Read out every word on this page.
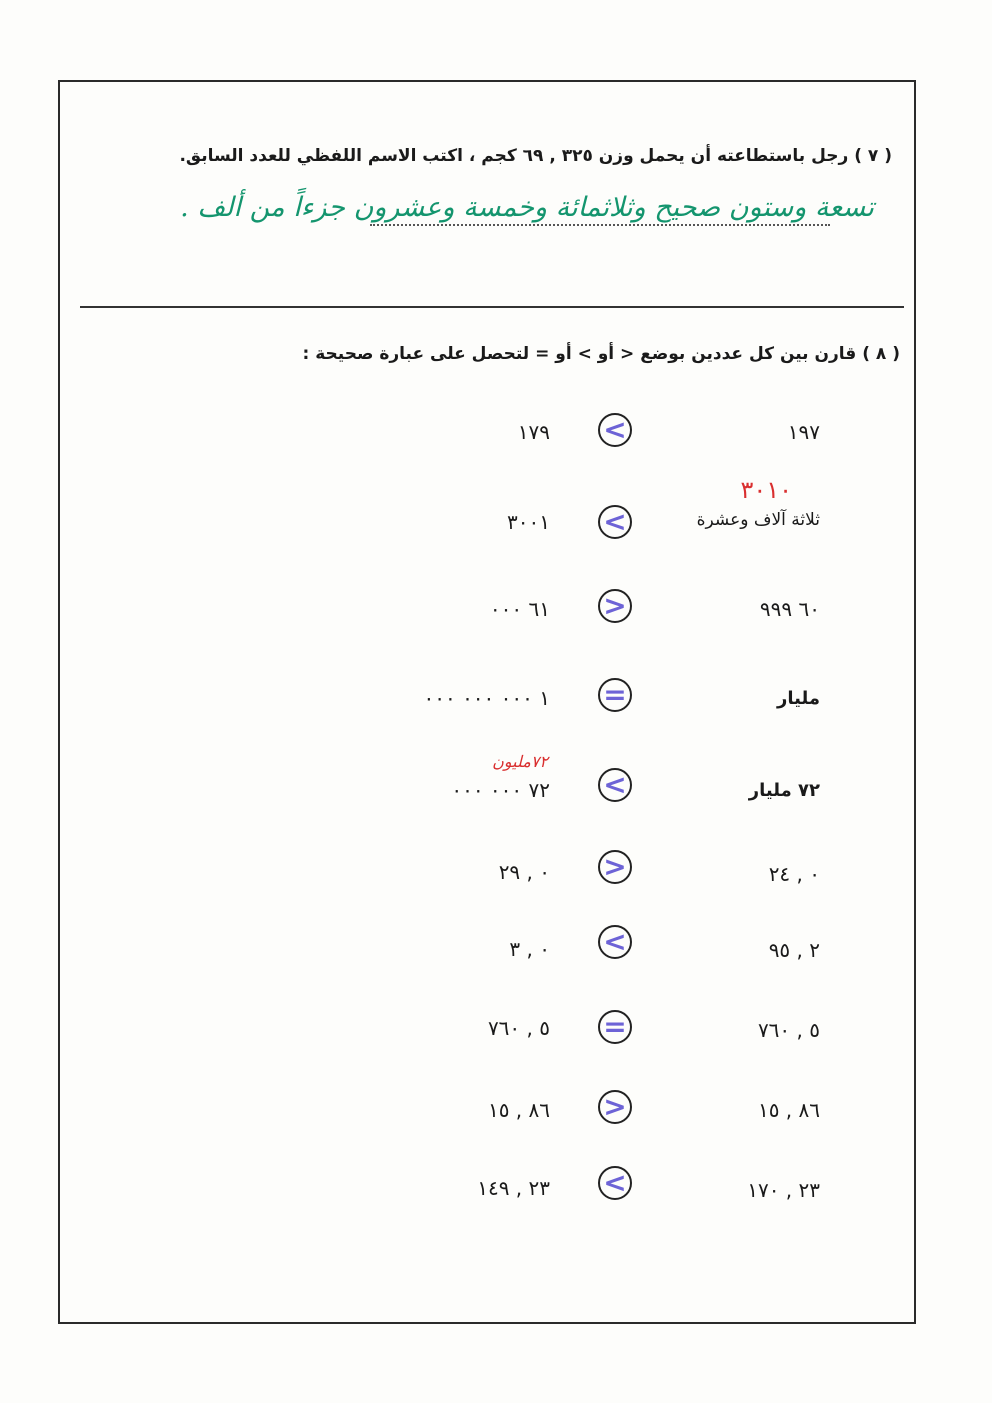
( ٧ ) رجل باستطاعته أن يحمل وزن ٣٢٥ , ٦٩ كجم ، اكتب الاسم اللفظي للعدد السابق.
تسعة وستون صحيح وثلاثمائة وخمسة وعشرون جزءاً من ألف .
( ٨ ) قارن بين كل عددين بوضع < أو > أو = لتحصل على عبارة صحيحة :
١٩٧
<
١٧٩
٣٠١٠
ثلاثة آلاف وعشرة
<
٣٠٠١
٦٠ ٩٩٩
>
٦١ ٠٠٠
مليار
=
١ ٠٠٠ ٠٠٠ ٠٠٠
٧٢مليون
٧٢ مليار
<
٧٢ ٠٠٠ ٠٠٠
٠ , ٢٤
>
٠ , ٢٩
٢ , ٩٥
<
٠ , ٣
٥ , ٧٦٠
=
٥ , ٧٦٠
٨٦ , ١٥
>
٨٦ , ١٥
٢٣ , ١٧٠
<
٢٣ , ١٤٩
